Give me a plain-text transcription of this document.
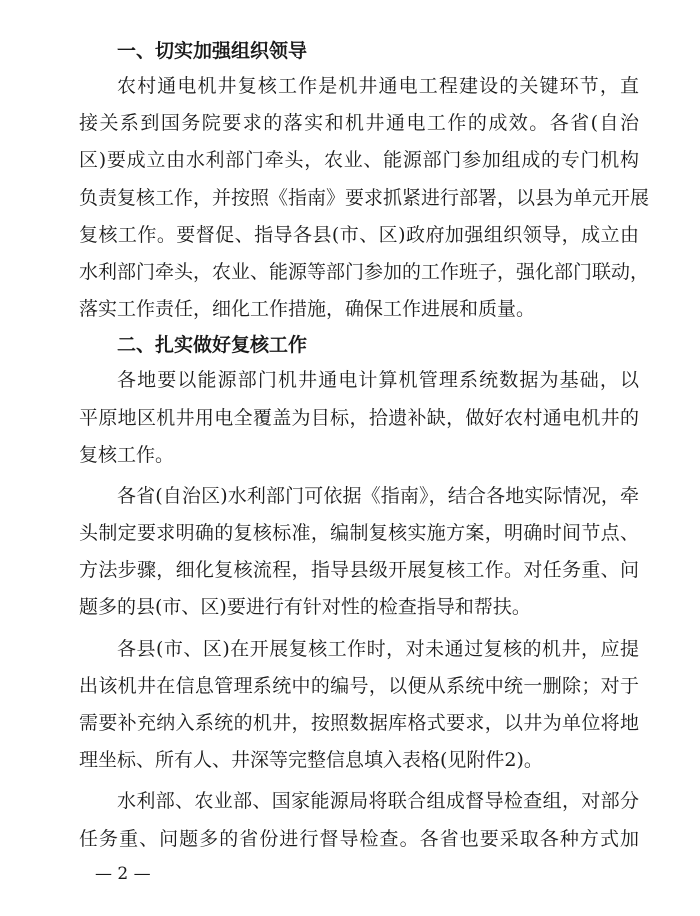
一、切实加强组织领导

农村通电机井复核工作是机井通电工程建设的关键环节，直
接关系到国务院要求的落实和机井通电工作的成效。各省(自治
区)要成立由水利部门牵头，农业、能源部门参加组成的专门机构
负责复核工作，并按照《指南》要求抓紧进行部署，以县为单元开展
复核工作。要督促、指导各县(市、区)政府加强组织领导，成立由
水利部门牵头，农业、能源等部门参加的工作班子，强化部门联动，
落实工作责任，细化工作措施，确保工作进展和质量。

二、扎实做好复核工作

各地要以能源部门机井通电计算机管理系统数据为基础，以
平原地区机井用电全覆盖为目标，拾遗补缺，做好农村通电机井的
复核工作。

各省(自治区)水利部门可依据《指南》，结合各地实际情况，牵
头制定要求明确的复核标准，编制复核实施方案，明确时间节点、
方法步骤，细化复核流程，指导县级开展复核工作。对任务重、问
题多的县(市、区)要进行有针对性的检查指导和帮扶。

各县(市、区)在开展复核工作时，对未通过复核的机井，应提
出该机井在信息管理系统中的编号，以便从系统中统一删除；对于
需要补充纳入系统的机井，按照数据库格式要求，以井为单位将地
理坐标、所有人、井深等完整信息填入表格(见附件2)。

水利部、农业部、国家能源局将联合组成督导检查组，对部分
任务重、问题多的省份进行督导检查。各省也要采取各种方式加

— 2 —
